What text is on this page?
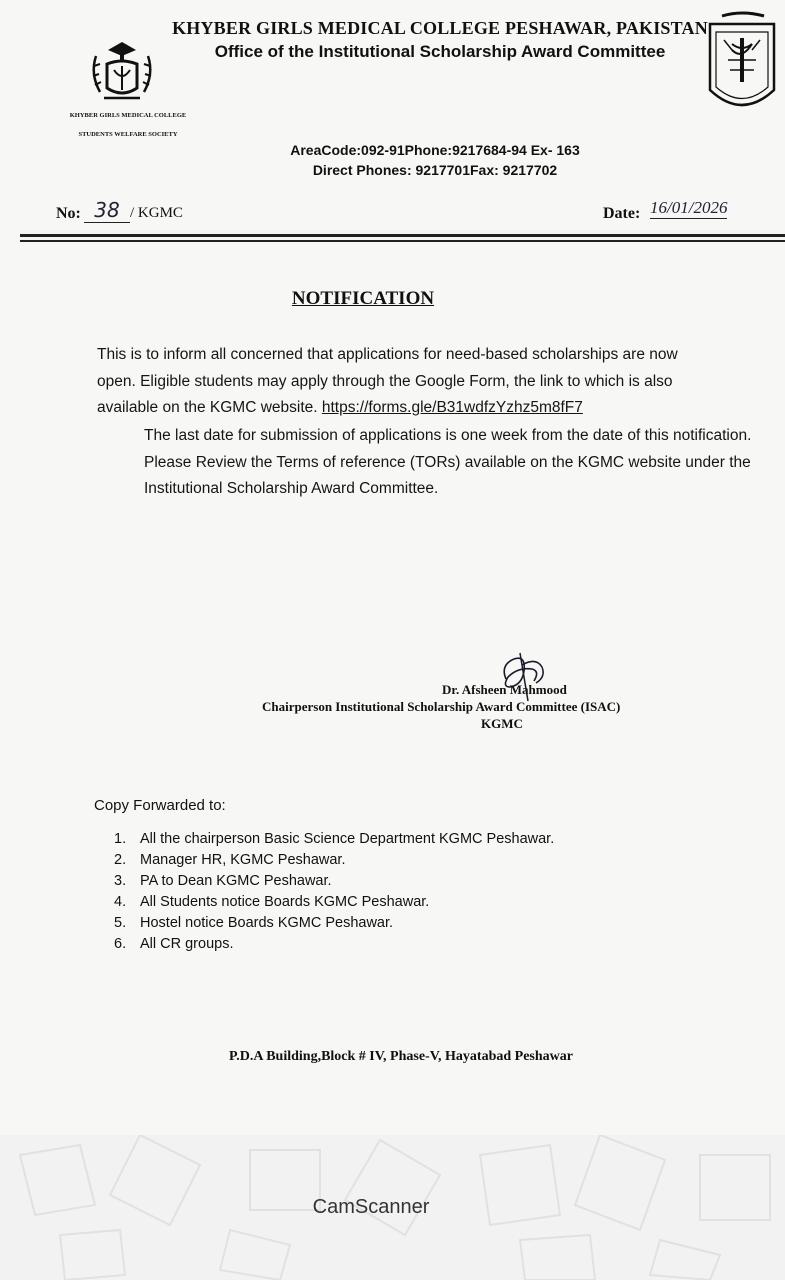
KHYBER GIRLS MEDICAL COLLEGE
STUDENTS WELFARE SOCIETY
KHYBER GIRLS MEDICAL COLLEGE PESHAWAR, PAKISTAN
Office of the Institutional Scholarship Award Committee
AreaCode:092-91Phone:9217684-94 Ex- 163
Direct Phones: 9217701Fax: 9217702
No: 38 / KGMC	Date: 16/01/2026
NOTIFICATION
This is to inform all concerned that applications for need-based scholarships are now open. Eligible students may apply through the Google Form, the link to which is also available on the KGMC website. https://forms.gle/B31wdfzYzhz5m8fF7
The last date for submission of applications is one week from the date of this notification. Please Review the Terms of reference (TORs) available on the KGMC website under the Institutional Scholarship Award Committee.
Dr. Afsheen Mahmood
Chairperson Institutional Scholarship Award Committee (ISAC)
KGMC
Copy Forwarded to:
1. All the chairperson Basic Science Department KGMC Peshawar.
2. Manager HR, KGMC Peshawar.
3. PA to Dean KGMC Peshawar.
4. All Students notice Boards KGMC Peshawar.
5. Hostel notice Boards KGMC Peshawar.
6. All CR groups.
P.D.A Building,Block # IV, Phase-V, Hayatabad Peshawar
CamScanner
